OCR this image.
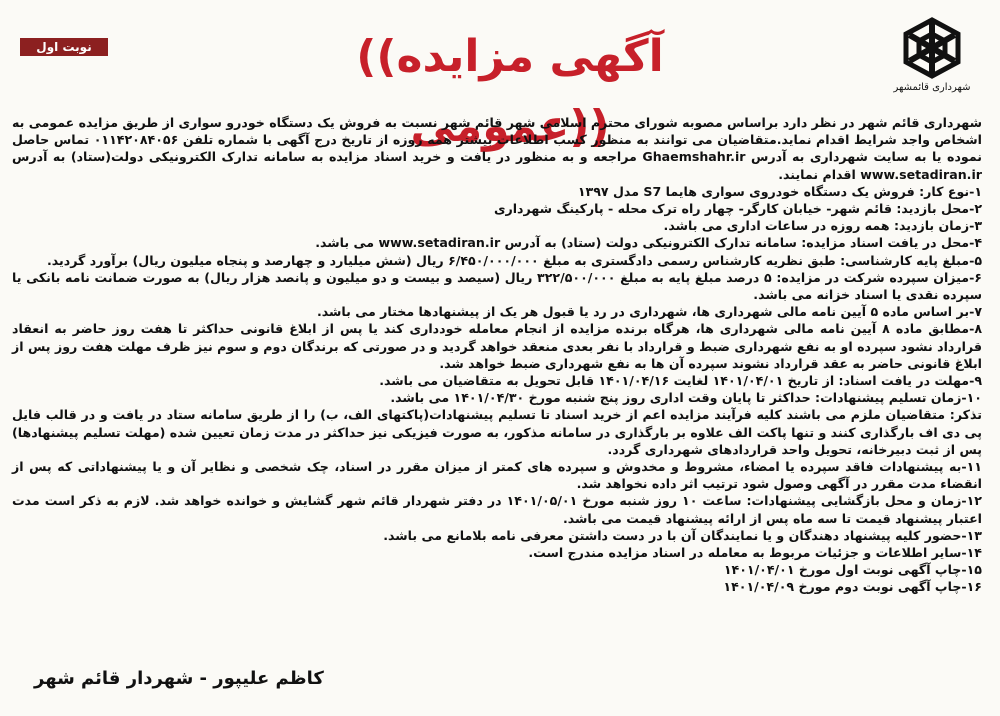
نوبت اول	((آگهی مزایده عمومی))
شهرداری قائمشهر

شهرداری قائم شهر در نظر دارد براساس مصوبه شورای محترم اسلامی شهر قائم شهر نسبت به فروش یک دستگاه خودرو سواری از طریق مزایده عمومی به اشخاص واجد شرایط اقدام نماید.متقاضیان می توانند به منظور کسب اطلاعات بیشتر همه روزه از تاریخ درج آگهی با شماره تلفن ۰۱۱۴۲۰۸۴۰۵۶ تماس حاصل نموده یا به سایت شهرداری به آدرس Ghaemshahr.ir مراجعه و به منظور در یافت و خرید اسناد مزایده به سامانه تدارک الکترونیکی دولت(ستاد) به آدرس www.setadiran.ir اقدام نمایند.

۱-نوع کار: فروش یک دستگاه خودروی سواری هایما S7 مدل ۱۳۹۷

۲-محل بازدید: قائم شهر- خیابان کارگر- چهار راه ترک محله - پارکینگ شهرداری

۳-زمان بازدید: همه روزه در ساعات اداری می باشد.

۴-محل در یافت اسناد مزایده: سامانه تدارک الکترونیکی دولت (ستاد) به آدرس www.setadiran.ir می باشد.

۵-مبلغ پایه کارشناسی: طبق نظریه کارشناس رسمی دادگستری به مبلغ ۶/۴۵۰/۰۰۰/۰۰۰ ریال (شش میلیارد و چهارصد و پنجاه میلیون ریال) برآورد گردید.

۶-میزان سپرده شرکت در مزایده: ۵ درصد مبلغ پایه به مبلغ ۳۲۲/۵۰۰/۰۰۰ ریال (سیصد و بیست و دو میلیون و پانصد هزار ریال) به صورت ضمانت نامه بانکی یا سپرده نقدی یا اسناد خزانه می باشد.

۷-بر اساس ماده ۵ آیین نامه مالی شهرداری ها، شهرداری در رد یا قبول هر یک از پیشنهادها مختار می باشد.

۸-مطابق ماده ۸ آیین نامه مالی شهرداری ها، هرگاه برنده مزایده از انجام معامله خودداری کند یا پس از ابلاغ قانونی حداکثر تا هفت روز حاضر به انعقاد قرارداد نشود سپرده او به نفع شهرداری ضبط و قرارداد با نفر بعدی منعقد خواهد گردید و در صورتی که برندگان دوم و سوم نیز ظرف مهلت هفت روز پس از ابلاغ قانونی حاضر به عقد قرارداد نشوند سپرده آن ها به نفع شهرداری ضبط خواهد شد.

۹-مهلت در یافت اسناد: از تاریخ ۱۴۰۱/۰۴/۰۱ لغایت ۱۴۰۱/۰۴/۱۶ قابل تحویل به متقاضیان می باشد.

۱۰-زمان تسلیم پیشنهادات: حداکثر تا پایان وقت اداری روز پنج شنبه مورخ ۱۴۰۱/۰۴/۳۰ می باشد.

تذکر: متقاضیان ملزم می باشند کلیه فرآیند مزایده اعم از خرید اسناد تا تسلیم پیشنهادات(پاکتهای الف، ب) را از طریق سامانه ستاد در یافت و در قالب فایل پی دی اف بارگذاری کنند و تنها پاکت الف علاوه بر بارگذاری در سامانه مذکور، به صورت فیزیکی نیز حداکثر در مدت زمان تعیین شده (مهلت تسلیم پیشنهادها) پس از ثبت دبیرخانه، تحویل واحد قراردادهای شهرداری گردد.

۱۱-به پیشنهادات فاقد سپرده یا امضاء، مشروط و مخدوش و سپرده های کمتر از میزان مقرر در اسناد، چک شخصی و نظایر آن و یا پیشنهاداتی که پس از انقضاء مدت مقرر در آگهی وصول شود ترتیب اثر داده نخواهد شد.

۱۲-زمان و محل بازگشایی پیشنهادات: ساعت ۱۰ روز شنبه مورخ ۱۴۰۱/۰۵/۰۱ در دفتر شهردار قائم شهر گشایش و خوانده خواهد شد. لازم به ذکر است مدت اعتبار پیشنهاد قیمت تا سه ماه پس از ارائه پیشنهاد قیمت می باشد.

۱۳-حضور کلیه پیشنهاد دهندگان و یا نمایندگان آن با در دست داشتن معرفی نامه بلامانع می باشد.

۱۴-سایر اطلاعات و جزئیات مربوط به معامله در اسناد مزایده مندرج است.

۱۵-چاپ آگهی نوبت اول مورخ ۱۴۰۱/۰۴/۰۱

۱۶-چاپ آگهی نوبت دوم مورخ ۱۴۰۱/۰۴/۰۹

کاظم علیپور - شهردار قائم شهر
